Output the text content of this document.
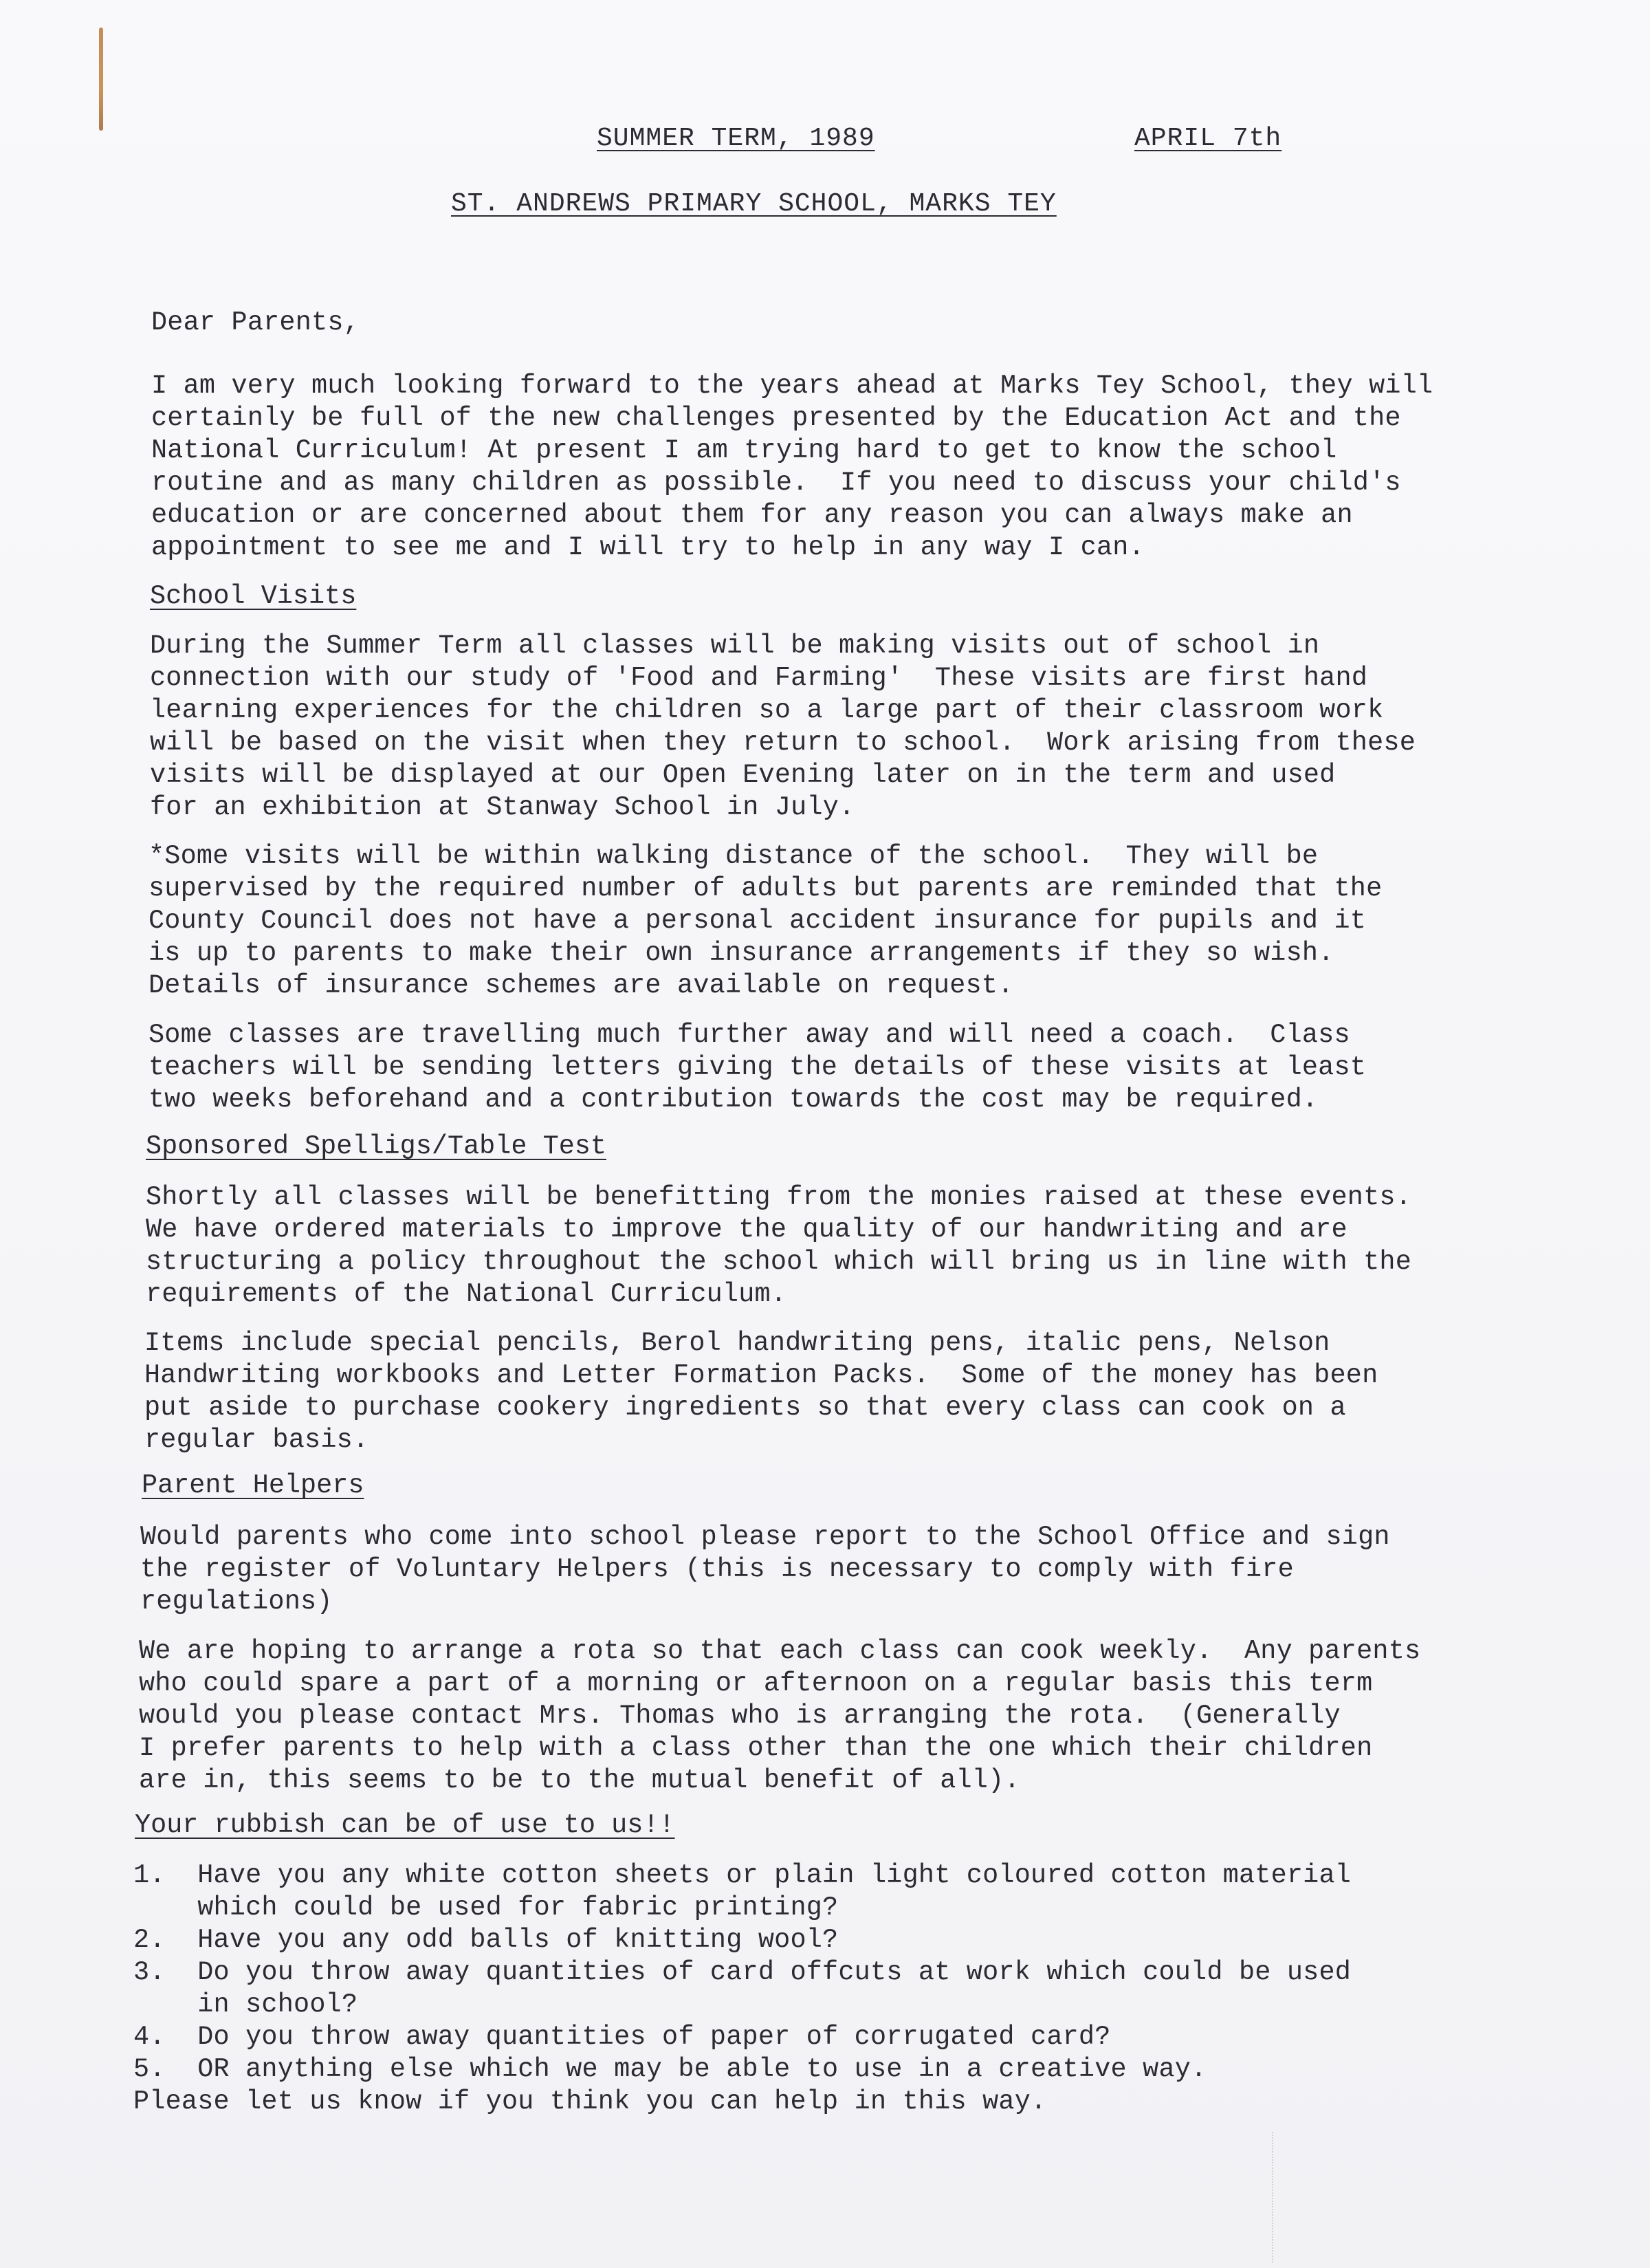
SUMMER TERM, 1989	APRIL 7th
ST. ANDREWS PRIMARY SCHOOL, MARKS TEY
Dear Parents,
I am very much looking forward to the years ahead at Marks Tey School, they will
certainly be full of the new challenges presented by the Education Act and the
National Curriculum! At present I am trying hard to get to know the school
routine and as many children as possible.  If you need to discuss your child's
education or are concerned about them for any reason you can always make an
appointment to see me and I will try to help in any way I can.
School Visits
During the Summer Term all classes will be making visits out of school in
connection with our study of 'Food and Farming'  These visits are first hand
learning experiences for the children so a large part of their classroom work
will be based on the visit when they return to school.  Work arising from these
visits will be displayed at our Open Evening later on in the term and used
for an exhibition at Stanway School in July.
*Some visits will be within walking distance of the school.  They will be
supervised by the required number of adults but parents are reminded that the
County Council does not have a personal accident insurance for pupils and it
is up to parents to make their own insurance arrangements if they so wish.
Details of insurance schemes are available on request.
Some classes are travelling much further away and will need a coach.  Class
teachers will be sending letters giving the details of these visits at least
two weeks beforehand and a contribution towards the cost may be required.
Sponsored Spelligs/Table Test
Shortly all classes will be benefitting from the monies raised at these events.
We have ordered materials to improve the quality of our handwriting and are
structuring a policy throughout the school which will bring us in line with the
requirements of the National Curriculum.
Items include special pencils, Berol handwriting pens, italic pens, Nelson
Handwriting workbooks and Letter Formation Packs.  Some of the money has been
put aside to purchase cookery ingredients so that every class can cook on a
regular basis.
Parent Helpers
Would parents who come into school please report to the School Office and sign
the register of Voluntary Helpers (this is necessary to comply with fire
regulations)
We are hoping to arrange a rota so that each class can cook weekly.  Any parents
who could spare a part of a morning or afternoon on a regular basis this term
would you please contact Mrs. Thomas who is arranging the rota.  (Generally
I prefer parents to help with a class other than the one which their children
are in, this seems to be to the mutual benefit of all).
Your rubbish can be of use to us!!
1.  Have you any white cotton sheets or plain light coloured cotton material
which could be used for fabric printing?
2.  Have you any odd balls of knitting wool?
3.  Do you throw away quantities of card offcuts at work which could be used
in school?
4.  Do you throw away quantities of paper of corrugated card?
5.  OR anything else which we may be able to use in a creative way.
Please let us know if you think you can help in this way.
